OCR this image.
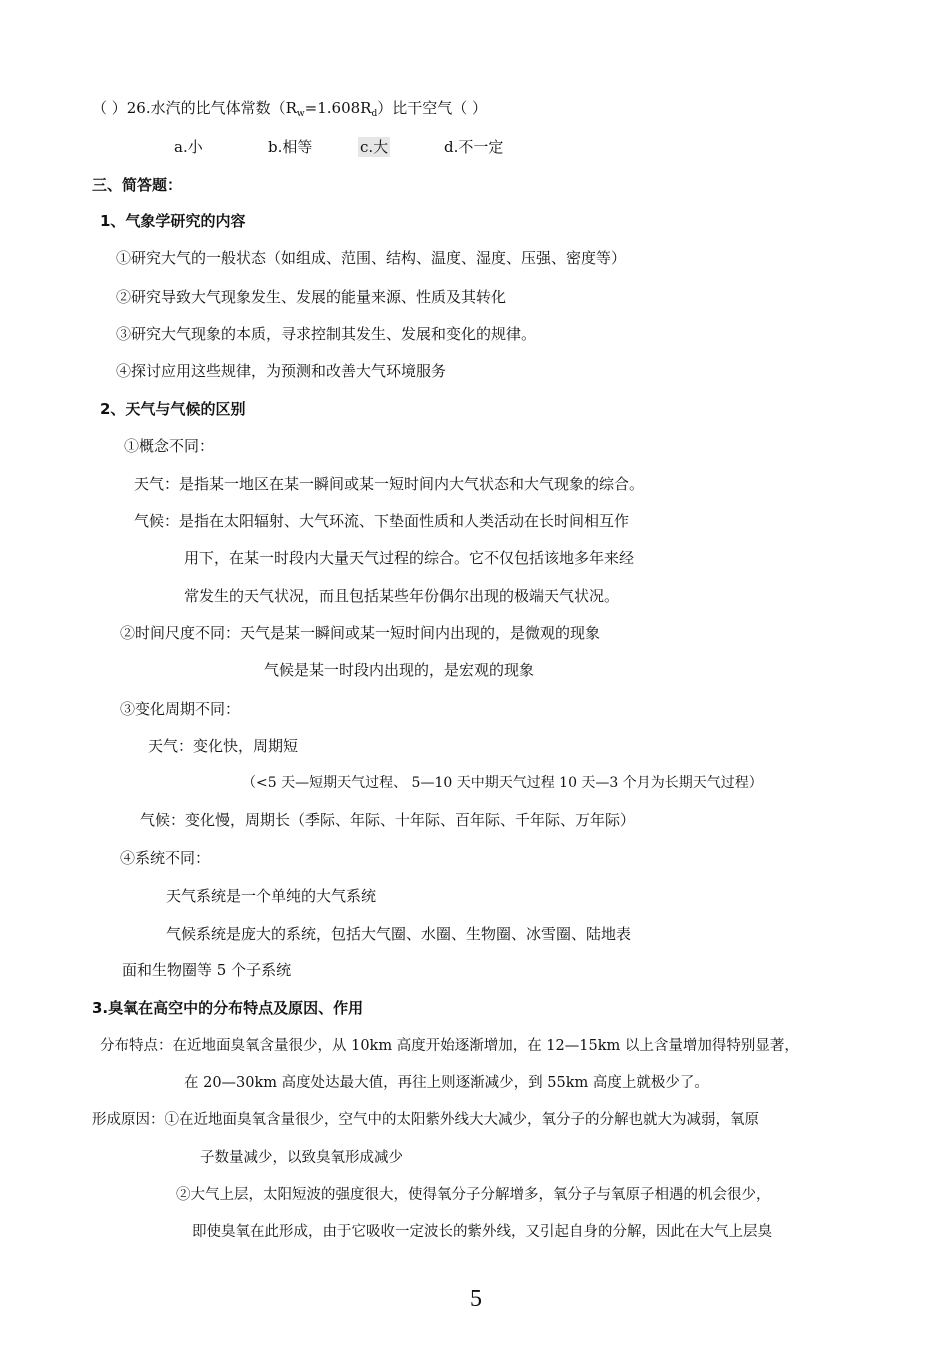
（ ）26.水汽的比气体常数$(R_w=1.608R_d)$比干空气（ ）
a.小	b.相等	c.大	d.不一定
三、简答题：
1、气象学研究的内容
①研究大气的一般状态（如组成、范围、结构、温度、湿度、压强、密度等）
②研究导致大气现象发生、发展的能量来源、性质及其转化
③研究大气现象的本质，寻求控制其发生、发展和变化的规律。
④探讨应用这些规律，为预测和改善大气环境服务
2、天气与气候的区别
①概念不同：
天气：是指某一地区在某一瞬间或某一短时间内大气状态和大气现象的综合。
气候：是指在太阳辐射、大气环流、下垫面性质和人类活动在长时间相互作
用下，在某一时段内大量天气过程的综合。它不仅包括该地多年来经
常发生的天气状况，而且包括某些年份偶尔出现的极端天气状况。
②时间尺度不同：天气是某一瞬间或某一短时间内出现的，是微观的现象
气候是某一时段内出现的，是宏观的现象
③变化周期不同：
天气：变化快，周期短
（<5 天—短期天气过程、 5—10 天中期天气过程 10 天—3 个月为长期天气过程）
气候：变化慢，周期长（季际、年际、十年际、百年际、千年际、万年际）
④系统不同：
天气系统是一个单纯的大气系统
气候系统是庞大的系统，包括大气圈、水圈、生物圈、冰雪圈、陆地表
面和生物圈等 5 个子系统
3.臭氧在高空中的分布特点及原因、作用
分布特点：在近地面臭氧含量很少，从 10km 高度开始逐渐增加，在 12—15km 以上含量增加得特别显著，
在 20—30km 高度处达最大值，再往上则逐渐减少，到 55km 高度上就极少了。
形成原因：①在近地面臭氧含量很少，空气中的太阳紫外线大大减少，氧分子的分解也就大为减弱，氧原
子数量减少，以致臭氧形成减少
②大气上层，太阳短波的强度很大，使得氧分子分解增多，氧分子与氧原子相遇的机会很少，
即使臭氧在此形成，由于它吸收一定波长的紫外线，又引起自身的分解，因此在大气上层臭
5
